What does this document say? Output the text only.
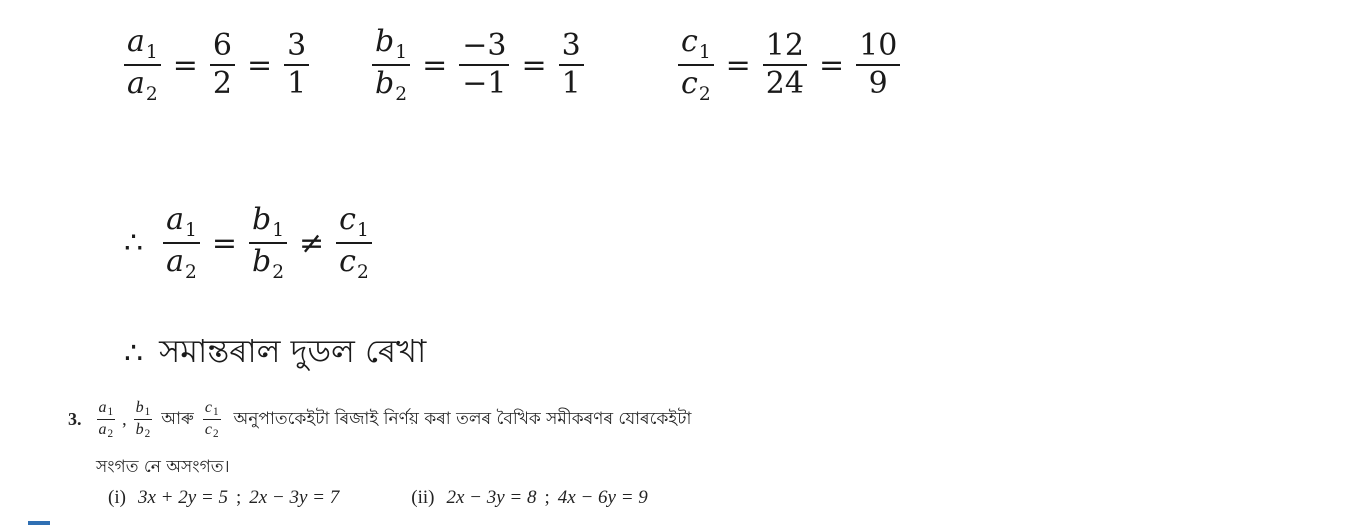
$\frac{a_1}{a_2} = \frac{6}{2} = \frac{3}{1} \frac{b_1}{b_2} = \frac{-3}{-1} = \frac{3}{1}$	$\frac{c_1}{c_2} = \frac{12}{24} = \frac{10}{9}$
∴ $\frac{a_1}{a_2} = \frac{b_1}{b_2} \ne \frac{c_1}{c_2}$
∴ সমান্তৰাল দুডল ৰেখা
3. $\frac{a_1}{a_2}$ , $\frac{b_1}{b_2}$ আৰু $\frac{c_1}{c_2}$ অনুপাতকেইটা ৰিজাই নিৰ্ণয় কৰা তলৰ বৈখিক সমীকৰণৰ যোৰকেইটা
সংগত নে অসংগত।
(i) 3x + 2y = 5 ; 2x − 3y = 7	(ii) 2x − 3y = 8 ; 4x − 6y = 9
